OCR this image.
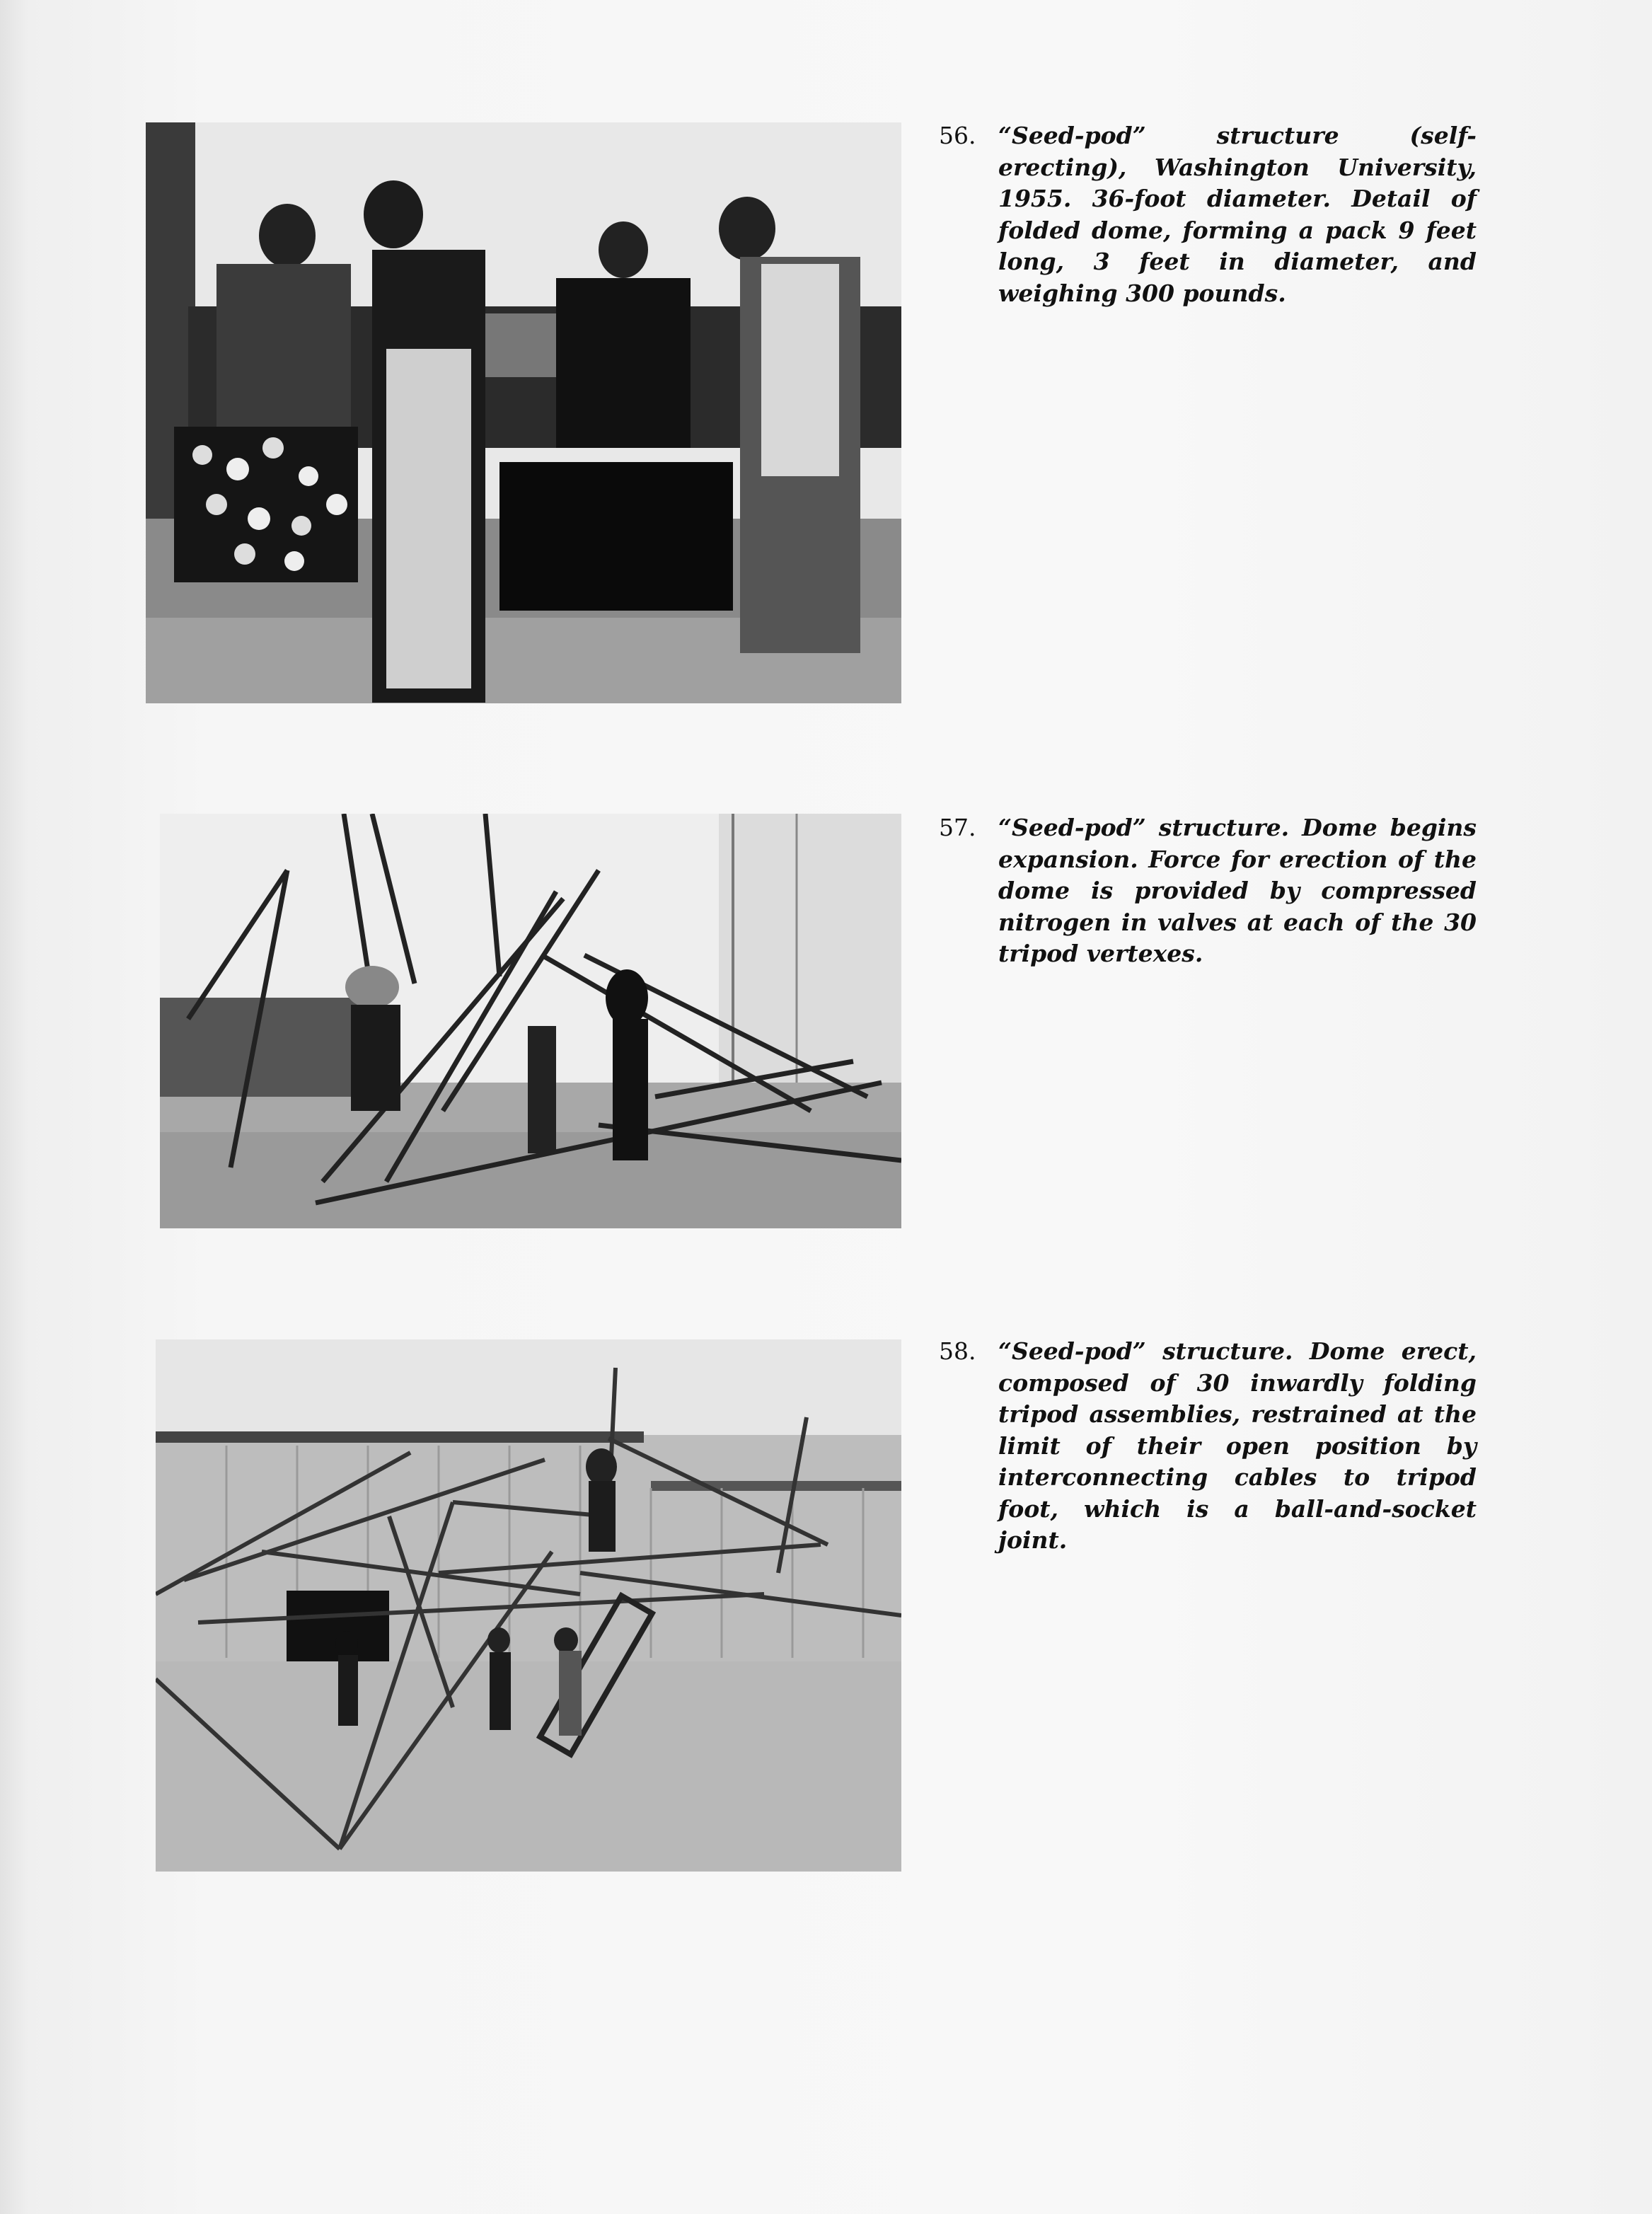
56. “Seed-pod” structure (self-erecting), Washington University, 1955. 36-foot diameter. Detail of folded dome, forming a pack 9 feet long, 3 feet in diameter, and weighing 300 pounds.
57. “Seed-pod” structure. Dome begins expansion. Force for erection of the dome is provided by compressed nitrogen in valves at each of the 30 tripod vertexes.
58. “Seed-pod” structure. Dome erect, composed of 30 inwardly folding tripod assemblies, restrained at the limit of their open position by interconnecting cables to tripod foot, which is a ball-and-socket joint.
